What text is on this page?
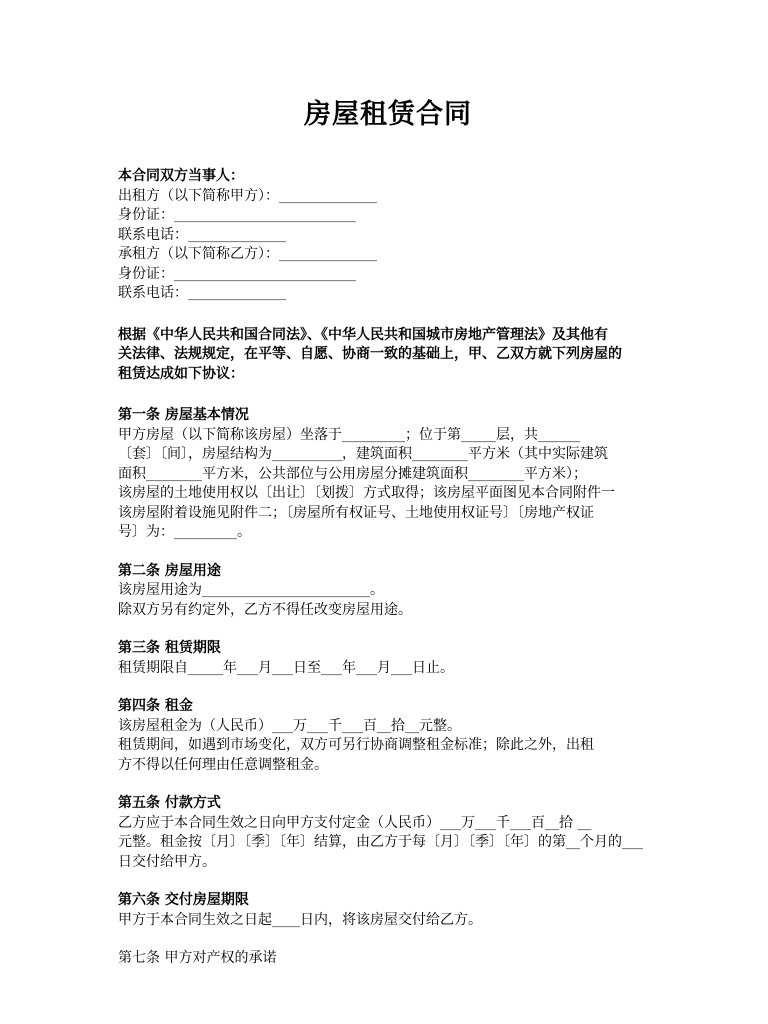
房屋租赁合同
本合同双方当事人：
出租方（以下简称甲方）：______________
身份证：__________________________
联系电话：______________
承租方（以下简称乙方）：______________
身份证：__________________________
联系电话：______________
根据《中华人民共和国合同法》、《中华人民共和国城市房地产管理法》及其他有
关法律、法规规定，在平等、自愿、协商一致的基础上，甲、乙双方就下列房屋的
租赁达成如下协议：
第一条 房屋基本情况
甲方房屋（以下简称该房屋）坐落于_________；位于第_____层，共______
〔套〕〔间〕，房屋结构为__________，建筑面积________平方米（其中实际建筑
面积________平方米，公共部位与公用房屋分摊建筑面积________平方米）；
该房屋的土地使用权以〔出让〕〔划拨〕方式取得；该房屋平面图见本合同附件一
该房屋附着设施见附件二；〔房屋所有权证号、土地使用权证号〕〔房地产权证
号〕为：_________。
第二条 房屋用途
该房屋用途为________________________。
除双方另有约定外，乙方不得任改变房屋用途。
第三条 租赁期限
租赁期限自_____年___月___日至___年___月___日止。
第四条 租金
该房屋租金为（人民币）___万___千___百__拾__元整。
租赁期间，如遇到市场变化，双方可另行协商调整租金标准；除此之外，出租
方不得以任何理由任意调整租金。
第五条 付款方式
乙方应于本合同生效之日向甲方支付定金（人民币）___万___千___百__拾 __
元整。租金按〔月〕〔季〕〔年〕结算，由乙方于每〔月〕〔季〕〔年〕的第__个月的___
日交付给甲方。
第六条 交付房屋期限
甲方于本合同生效之日起____日内，将该房屋交付给乙方。
第七条 甲方对产权的承诺
